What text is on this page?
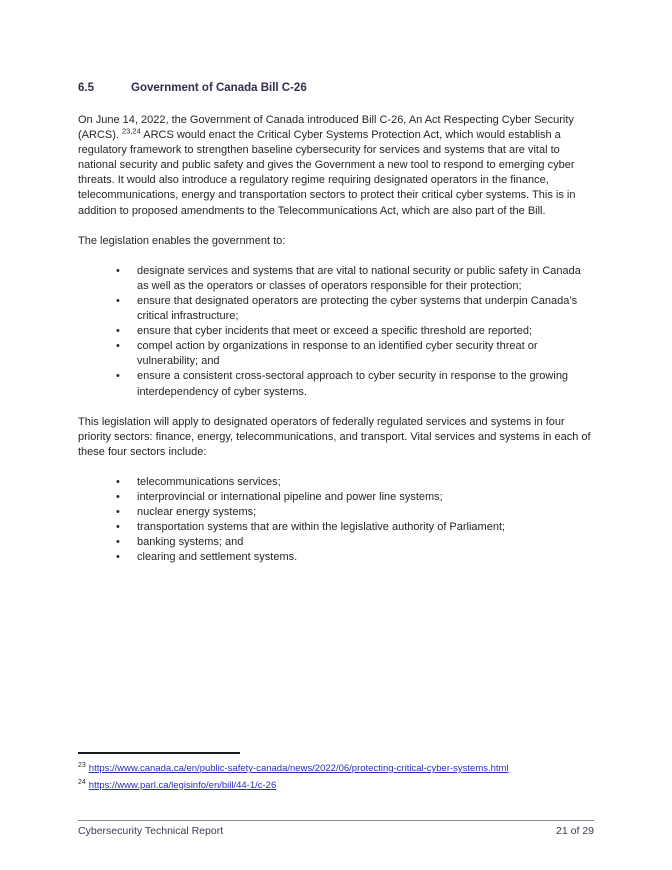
6.5	Government of Canada Bill C-26

On June 14, 2022, the Government of Canada introduced Bill C-26, An Act Respecting Cyber Security (ARCS). $^{23,24}$ ARCS would enact the Critical Cyber Systems Protection Act, which would establish a regulatory framework to strengthen baseline cybersecurity for services and systems that are vital to national security and public safety and gives the Government a new tool to respond to emerging cyber threats. It would also introduce a regulatory regime requiring designated operators in the finance, telecommunications, energy and transportation sectors to protect their critical cyber systems. This is in addition to proposed amendments to the Telecommunications Act, which are also part of the Bill.

The legislation enables the government to:

• designate services and systems that are vital to national security or public safety in Canada as well as the operators or classes of operators responsible for their protection;
• ensure that designated operators are protecting the cyber systems that underpin Canada’s critical infrastructure;
• ensure that cyber incidents that meet or exceed a specific threshold are reported;
• compel action by organizations in response to an identified cyber security threat or vulnerability; and
• ensure a consistent cross-sectoral approach to cyber security in response to the growing interdependency of cyber systems.

This legislation will apply to designated operators of federally regulated services and systems in four priority sectors: finance, energy, telecommunications, and transport. Vital services and systems in each of these four sectors include:

• telecommunications services;
• interprovincial or international pipeline and power line systems;
• nuclear energy systems;
• transportation systems that are within the legislative authority of Parliament;
• banking systems; and
• clearing and settlement systems.
$^{23}$ https://www.canada.ca/en/public-safety-canada/news/2022/06/protecting-critical-cyber-systems.html
$^{24}$ https://www.parl.ca/legisinfo/en/bill/44-1/c-26
Cybersecurity Technical Report	21 of 29
